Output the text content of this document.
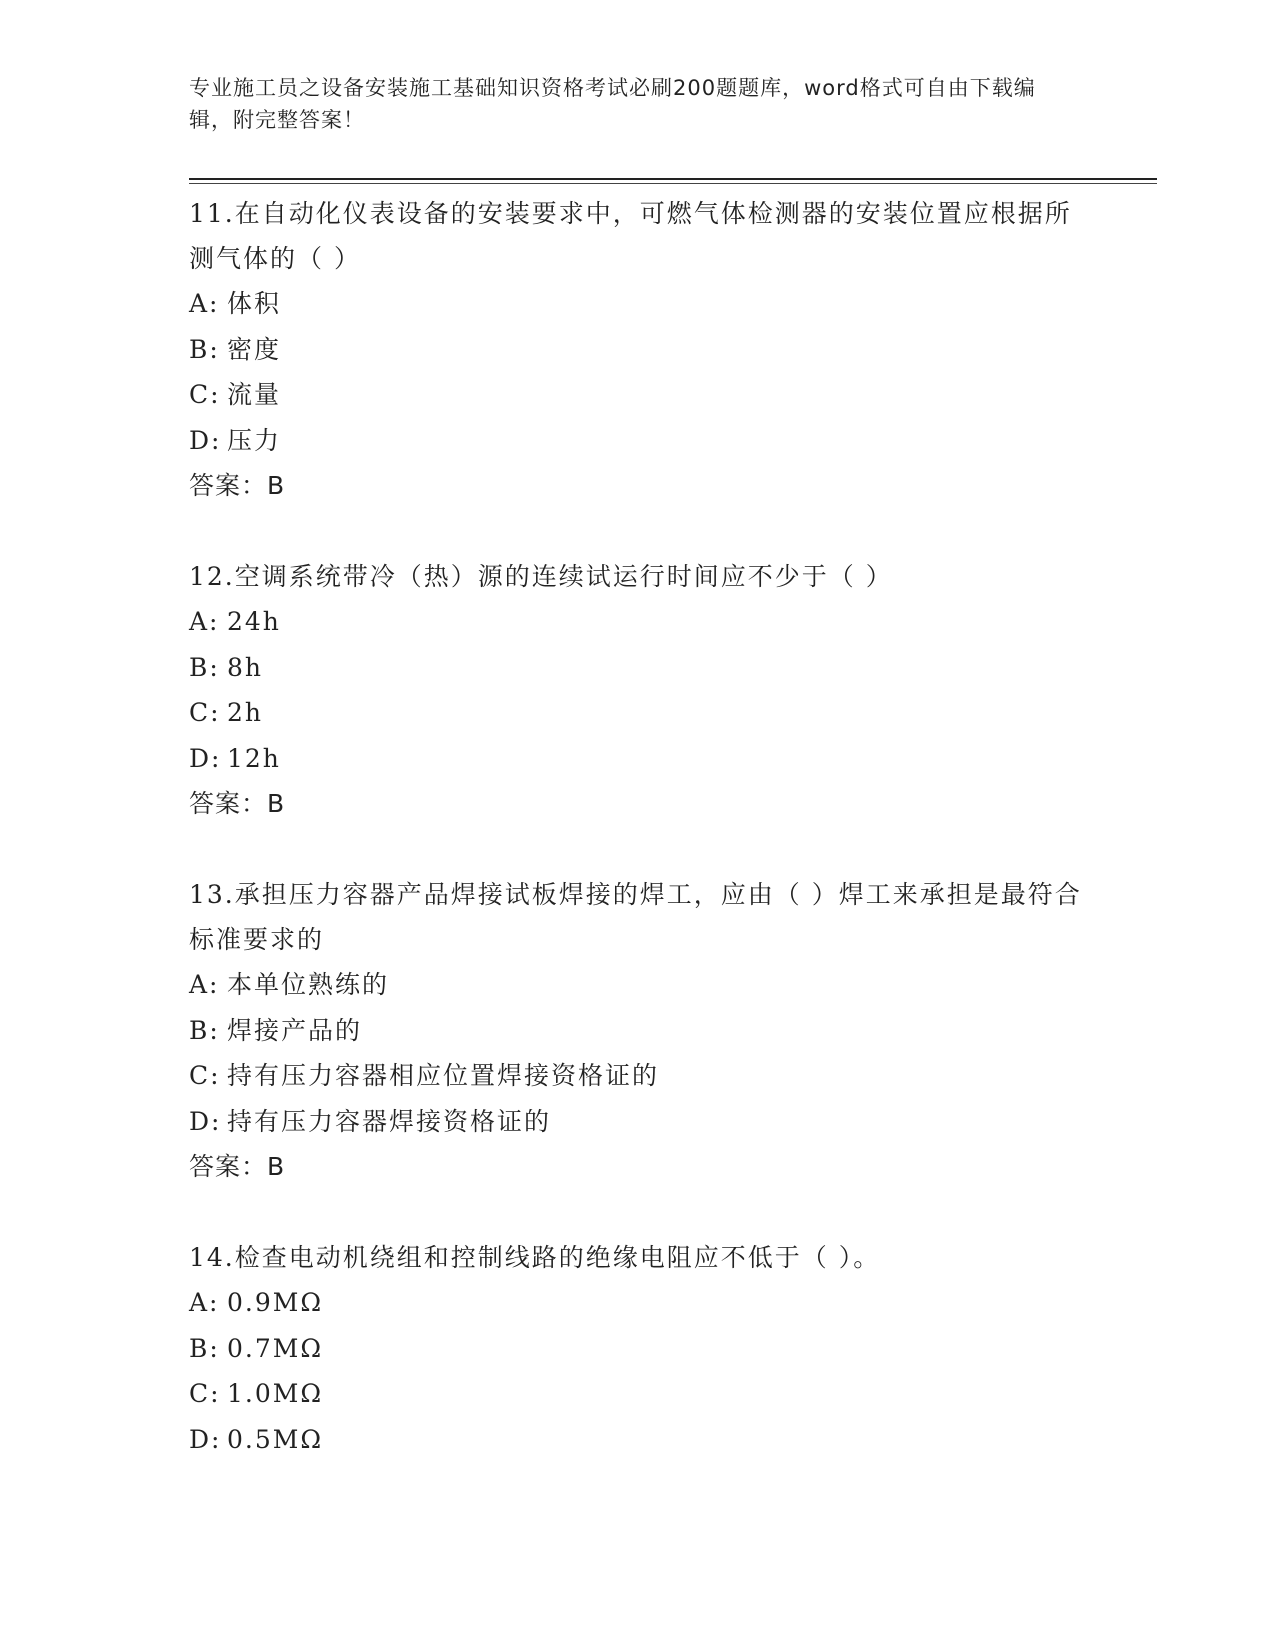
专业施工员之设备安装施工基础知识资格考试必刷200题题库，word格式可自由下载编辑，附完整答案！

11.在自动化仪表设备的安装要求中，可燃气体检测器的安装位置应根据所测气体的（ ）

A: 体积

B: 密度

C: 流量

D: 压力

答案：B

12.空调系统带冷（热）源的连续试运行时间应不少于（ ）

A: 24h

B: 8h

C: 2h

D: 12h

答案：B

13.承担压力容器产品焊接试板焊接的焊工，应由（ ）焊工来承担是最符合标准要求的

A: 本单位熟练的

B: 焊接产品的

C: 持有压力容器相应位置焊接资格证的

D: 持有压力容器焊接资格证的

答案：B

14.检查电动机绕组和控制线路的绝缘电阻应不低于（ ）。

A: 0.9MΩ

B: 0.7MΩ

C: 1.0MΩ

D: 0.5MΩ
